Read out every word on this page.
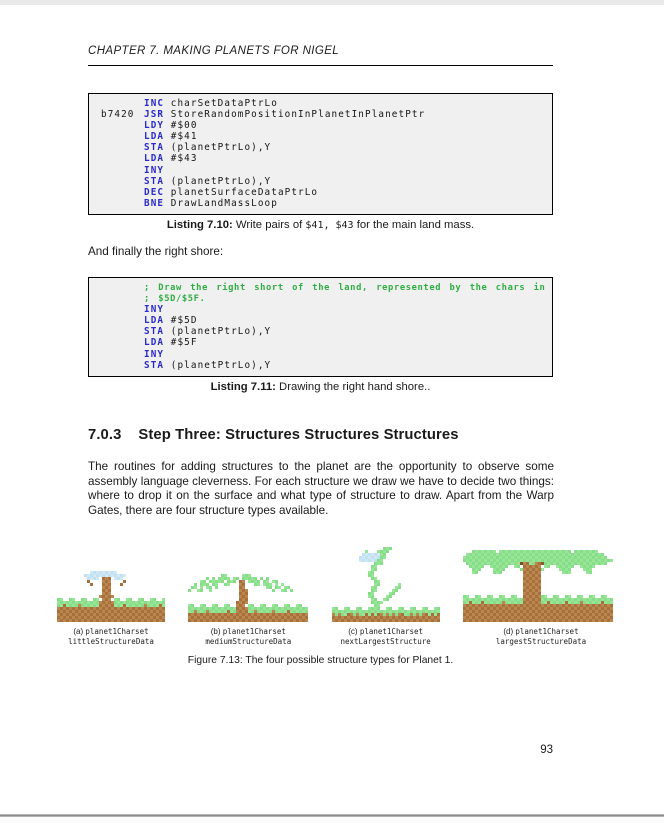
CHAPTER 7. MAKING PLANETS FOR NIGEL
INC charSetDataPtrLo
b7420 JSR StoreRandomPositionInPlanetInPlanetPtr
LDY #$00
LDA #$41
STA (planetPtrLo),Y
LDA #$43
INY
STA (planetPtrLo),Y
DEC planetSurfaceDataPtrLo
BNE DrawLandMassLoop
Listing 7.10: Write pairs of $41, $43 for the main land mass.
And finally the right shore:
; Draw the right short of the land, represented by the chars in
; $5D/$5F.
INY
LDA #$5D
STA (planetPtrLo),Y
LDA #$5F
INY
STA (planetPtrLo),Y
Listing 7.11: Drawing the right hand shore..
7.0.3 Step Three: Structures Structures Structures
The routines for adding structures to the planet are the opportunity to observe some assembly language cleverness. For each structure we draw we have to decide two things: where to drop it on the surface and what type of structure to draw. Apart from the Warp Gates, there are four structure types available.
(a) planet1Charset
littleStructureData
(b) planet1Charset
mediumStructureData
(c) planet1Charset
nextLargestStructure
(d) planet1Charset
largestStructureData
Figure 7.13: The four possible structure types for Planet 1.
93
